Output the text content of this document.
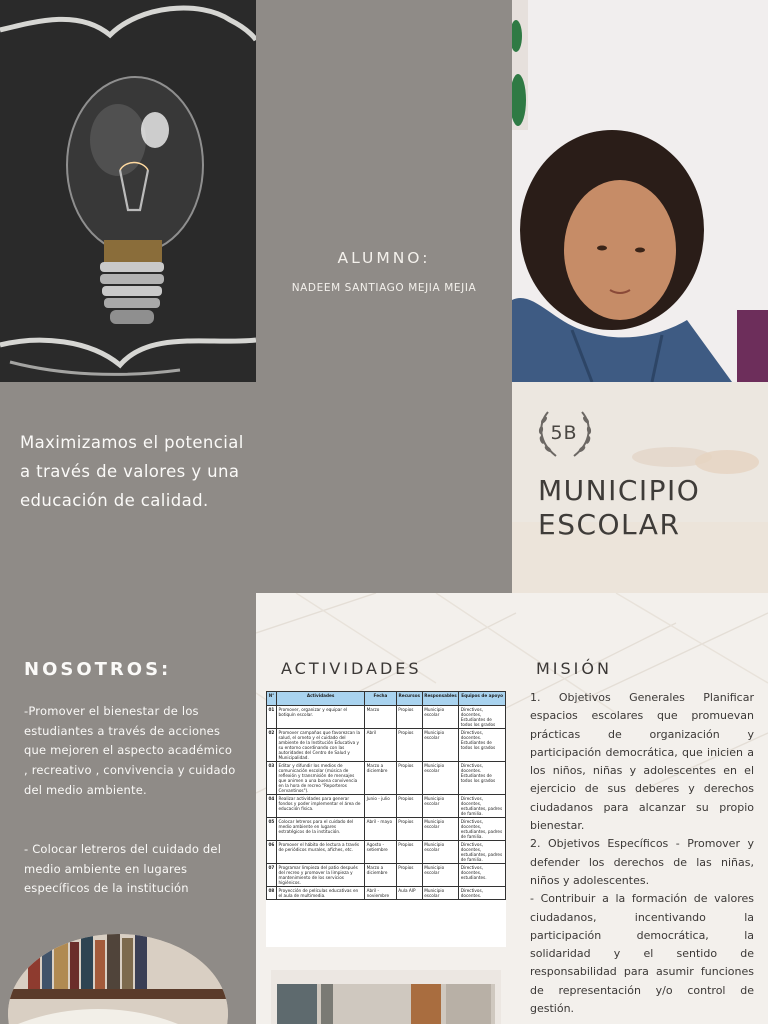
ALUMNO:
NADEEM SANTIAGO MEJIA MEJIA
Maximizamos el potencial a través de valores y una educación de calidad.
5B
MUNICIPIO
ESCOLAR
NOSOTROS:
-Promover el bienestar de los estudiantes a través de acciones que mejoren el aspecto académico , recreativo , convivencia y cuidado del medio ambiente.
- Colocar letreros del cuidado del medio ambiente en lugares específicos de la institución
ACTIVIDADES	MISIÓN
N°	Actividades	Fecha	Recursos	Responsables	Equipos de apoyo
01	Promover, organizar y equipar el botiquín escolar.	Marzo	Propios	Municipio escolar	Directivos, docentes, Estudiantes de todos los grados
02	Promover campañas que favorezcan la salud, el orneto y el cuidado del ambiente de la Institución Educativa y su entorno coordinando con las autoridades del Centro de Salud y Municipalidad.	Abril	Propios	Municipio escolar	Directivos, docentes. Estudiantes de todos los grados
03	Editar y difundir los medios de comunicación escolar (música de reflexión y transmisión de mensajes que animen a una buena convivencia en la hora de recreo "Reporteros Cervantinos").	Marzo a diciembre	Propios	Municipio escolar	Directivos, docentes. Estudiantes de todos los grados
04	Realizar actividades para generar fondos y poder implementar el área de educación física.	Junio - julio	Propios	Municipio escolar	Directivos, docentes, estudiantes, padres de familia.
05	Colocar letreros para el cuidado del medio ambiente en lugares estratégicos de la institución.	Abril - mayo	Propios	Municipio escolar	Directivos, docentes, estudiantes, padres de familia.
06	Promover el hábito de lectura a través de periódicos murales, afiches, etc.	Agosto - setiembre	Propios	Municipio escolar	Directivos, docentes, estudiantes, padres de familia.
07	Programar limpieza del patio después del recreo y promover la limpieza y mantenimiento de los servicios higiénicos.	Marzo a diciembre	Propios	Municipio escolar	Directivos, docentes, estudiantes.
08	Proyección de películas educativas en el aula de multimedia.	Abril - noviembre	Aula AIP	Municipio escolar	Directivos, docentes.
1. Objetivos Generales Planificar espacios escolares que promuevan prácticas de organización y participación democrática, que inicien a los niños, niñas y adolescentes en el ejercicio de sus deberes y derechos ciudadanos para alcanzar su propio bienestar.
2. Objetivos Específicos - Promover y defender los derechos de las niñas, niños y adolescentes.
- Contribuir a la formación de valores ciudadanos, incentivando la participación democrática, la solidaridad y el sentido de responsabilidad para asumir funciones de representación y/o control de gestión.
